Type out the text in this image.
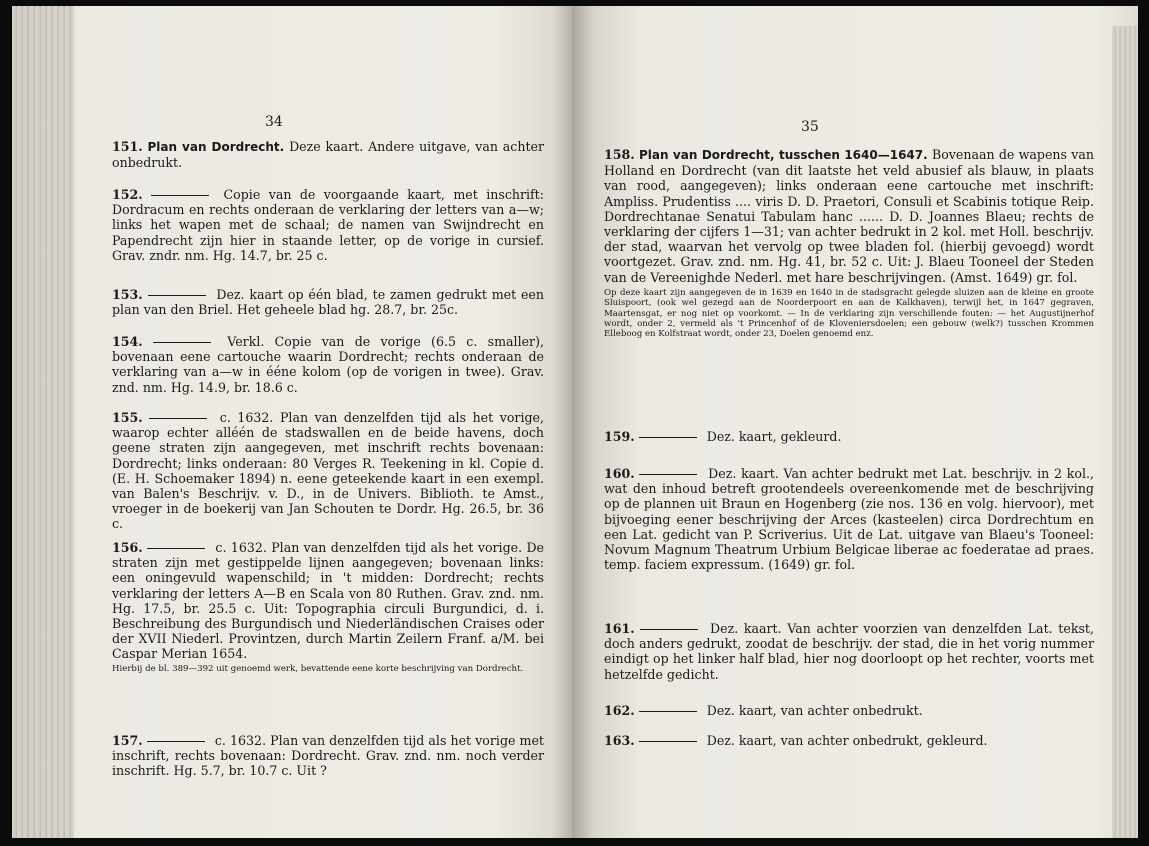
34
151. Plan van Dordrecht. Deze kaart. Andere uitgave, van achter onbedrukt.
152.	Copie van de voorgaande kaart, met inschrift: Dordracum en rechts onderaan de verklaring der letters van a—w; links het wapen met de schaal; de namen van Swijndrecht en Papendrecht zijn hier in staande letter, op de vorige in cursief. Grav. zndr. nm. Hg. 14.7, br. 25 c.
153.	Dez. kaart op één blad, te zamen gedrukt met een plan van den Briel. Het geheele blad hg. 28.7, br. 25c.
154.	Verkl. Copie van de vorige (6.5 c. smaller), bovenaan eene cartouche waarin Dordrecht; rechts onderaan de verklaring van a—w in ééne kolom (op de vorigen in twee). Grav. znd. nm. Hg. 14.9, br. 18.6 c.
155.	c. 1632. Plan van denzelfden tijd als het vorige, waarop echter alléén de stadswallen en de beide havens, doch geene straten zijn aangegeven, met inschrift rechts bovenaan: Dordrecht; links onderaan: 80 Verges R. Teekening in kl. Copie d. (E. H. Schoemaker 1894) n. eene geteekende kaart in een exempl. van Balen's Beschrijv. v. D., in de Univers. Biblioth. te Amst., vroeger in de boekerij van Jan Schouten te Dordr. Hg. 26.5, br. 36 c.
156.	c. 1632. Plan van denzelfden tijd als het vorige. De straten zijn met gestippelde lijnen aangegeven; bovenaan links: een oningevuld wapenschild; in 't midden: Dordrecht; rechts verklaring der letters A—B en Scala von 80 Ruthen. Grav. znd. nm. Hg. 17.5, br. 25.5 c. Uit: Topographia circuli Burgundici, d. i. Beschreibung des Burgundisch und Niederländischen Craises oder der XVII Niederl. Provintzen, durch Martin Zeilern Franf. a/M. bei Caspar Merian 1654.
Hierbij de bl. 389—392 uit genoemd werk, bevattende eene korte beschrijving van Dordrecht.
157.	c. 1632. Plan van denzelfden tijd als het vorige met inschrift, rechts bovenaan: Dordrecht. Grav. znd. nm. noch verder inschrift. Hg. 5.7, br. 10.7 c. Uit ?
35
158. Plan van Dordrecht, tusschen 1640—1647. Bovenaan de wapens van Holland en Dordrecht (van dit laatste het veld abusief als blauw, in plaats van rood, aangegeven); links onderaan eene cartouche met inschrift: Ampliss. Prudentiss .... viris D. D. Praetori, Consuli et Scabinis totique Reip. Dordrechtanae Senatui Tabulam hanc ...... D. D. Joannes Blaeu; rechts de verklaring der cijfers 1—31; van achter bedrukt in 2 kol. met Holl. beschrijv. der stad, waarvan het vervolg op twee bladen fol. (hierbij gevoegd) wordt voortgezet. Grav. znd. nm. Hg. 41, br. 52 c. Uit: J. Blaeu Tooneel der Steden van de Vereenighde Nederl. met hare beschrijvingen. (Amst. 1649) gr. fol.
Op deze kaart zijn aangegeven de in 1639 en 1640 in de stadsgracht gelegde sluizen aan de kleine en groote Sluispoort, (ook wel gezegd aan de Noorderpoort en aan de Kalkhaven), terwijl het, in 1647 gegraven, Maartensgat, er nog niet op voorkomt. — In de verklaring zijn verschillende fouten: — het Augustijnerhof wordt, onder 2, vermeld als 't Princenhof of de Kloveniersdoelen; een gebouw (welk?) tusschen Krommen Elleboog en Kolfstraat wordt, onder 23, Doelen genoemd enz.
159.	Dez. kaart, gekleurd.
160.	Dez. kaart. Van achter bedrukt met Lat. beschrijv. in 2 kol., wat den inhoud betreft grootendeels overeenkomende met de beschrijving op de plannen uit Braun en Hogenberg (zie nos. 136 en volg. hiervoor), met bijvoeging eener beschrijving der Arces (kasteelen) circa Dordrechtum en een Lat. gedicht van P. Scriverius. Uit de Lat. uitgave van Blaeu's Tooneel: Novum Magnum Theatrum Urbium Belgicae liberae ac foederatae ad praes. temp. faciem expressum. (1649) gr. fol.
161.	Dez. kaart. Van achter voorzien van denzelfden Lat. tekst, doch anders gedrukt, zoodat de beschrijv. der stad, die in het vorig nummer eindigt op het linker half blad, hier nog doorloopt op het rechter, voorts met hetzelfde gedicht.
162.	Dez. kaart, van achter onbedrukt.
163.	Dez. kaart, van achter onbedrukt, gekleurd.
